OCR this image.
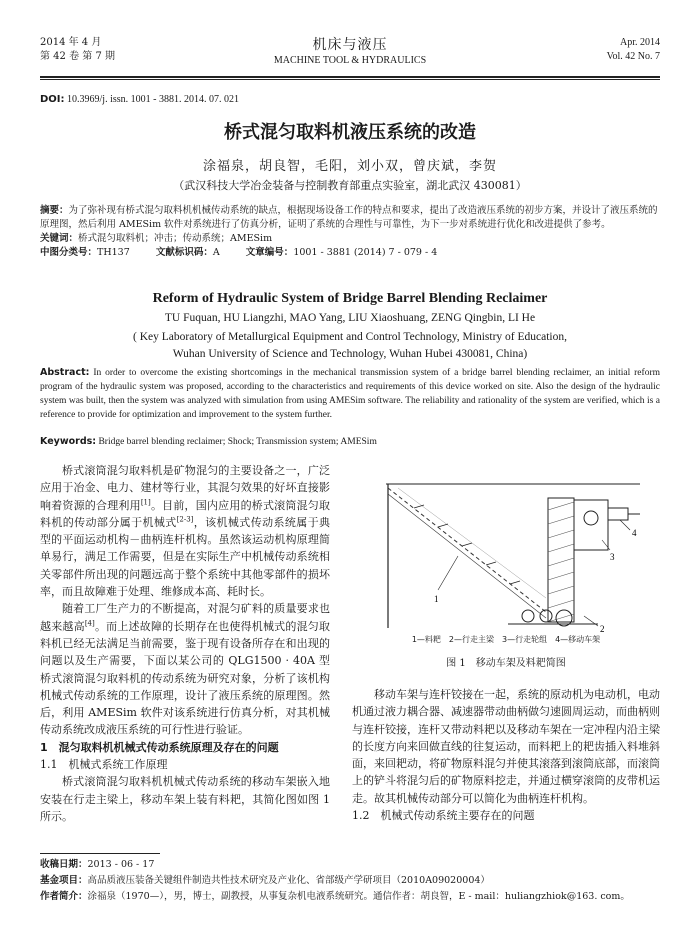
2014 年 4 月
第 42 卷 第 7 期
机床与液压
MACHINE TOOL & HYDRAULICS
Apr. 2014
Vol. 42 No. 7
DOI: 10.3969/j. issn. 1001 - 3881. 2014. 07. 021
桥式混匀取料机液压系统的改造
涂福泉，胡良智，毛阳，刘小双，曾庆斌，李贺
（武汉科技大学冶金装备与控制教育部重点实验室，湖北武汉 430081）
摘要：为了弥补现有桥式混匀取料机机械传动系统的缺点，根据现场设备工作的特点和要求，提出了改造液压系统的初步方案，并设计了液压系统的原理图，然后利用 AMESim 软件对系统进行了仿真分析，证明了系统的合理性与可靠性，为下一步对系统进行优化和改进提供了参考。
关键词：桥式混匀取料机；冲击；传动系统；AMESim
中图分类号：TH137	文献标识码：A	文章编号：1001 - 3881 (2014) 7 - 079 - 4
Reform of Hydraulic System of Bridge Barrel Blending Reclaimer
TU Fuquan, HU Liangzhi, MAO Yang, LIU Xiaoshuang, ZENG Qingbin, LI He
( Key Laboratory of Metallurgical Equipment and Control Technology, Ministry of Education,
Wuhan University of Science and Technology, Wuhan Hubei 430081, China)
Abstract: In order to overcome the existing shortcomings in the mechanical transmission system of a bridge barrel blending reclaimer, an initial reform program of the hydraulic system was proposed, according to the characteristics and requirements of this device worked on site. Also the design of the hydraulic system was built, then the system was analyzed with simulation from using AMESim software. The reliability and rationality of the system are verified, which is a reference to provide for optimization and improvement to the system further.
Keywords: Bridge barrel blending reclaimer; Shock; Transmission system; AMESim

桥式滚筒混匀取料机是矿物混匀的主要设备之一，广泛应用于冶金、电力、建材等行业，其混匀效果的好坏直接影响着资源的合理利用[1]。目前，国内应用的桥式滚筒混匀取料机的传动部分属于机械式[2-3]，该机械式传动系统属于典型的平面运动机构－曲柄连杆机构。虽然该运动机构原理简单易行，满足工作需要，但是在实际生产中机械传动系统相关零部件所出现的问题远高于整个系统中其他零部件的损坏率，而且故障难于处理、维修成本高、耗时长。

随着工厂生产力的不断提高，对混匀矿料的质量要求也越来越高[4]。而上述故障的长期存在也使得机械式的混匀取料机已经无法满足当前需要，鉴于现有设备所存在和出现的问题以及生产需要，下面以某公司的 QLG1500 · 40A 型桥式滚筒混匀取料机的传动系统为研究对象，分析了该机构机械式传动系统的工作原理，设计了液压系统的原理图。然后，利用 AMESim 软件对该系统进行仿真分析，对其机械传动系统改成液压系统的可行性进行验证。

1　混匀取料机机械式传动系统原理及存在的问题
1.1　机械式系统工作原理

桥式滚筒混匀取料机机械式传动系统的移动车架嵌入地安装在行走主梁上，移动车架上装有料耙，其简化图如图 1 所示。

1
2
3
4
1—料耙　2—行走主梁　3—行走轮组　4—移动车架
图 1　移动车架及料耙简图

移动车架与连杆铰接在一起，系统的原动机为电动机，电动机通过液力耦合器、减速器带动曲柄做匀速圆周运动，而曲柄则与连杆铰接，连杆又带动料耙以及移动车架在一定冲程内沿主梁的长度方向来回做直线的往复运动，而料耙上的耙齿插入料堆斜面，来回耙动，将矿物原料混匀并使其滚落到滚筒底部，而滚筒上的铲斗将混匀后的矿物原料挖走，并通过横穿滚筒的皮带机运走。故其机械传动部分可以简化为曲柄连杆机构。

1.2　机械式传动系统主要存在的问题
收稿日期：2013 - 06 - 17
基金项目：高品质液压装备关键组件制造共性技术研究及产业化、省部级产学研项目（2010A09020004）
作者简介：涂福泉（1970—），男，博士，副教授，从事复杂机电液系统研究。通信作者：胡良智，E - mail：huliangzhiok@163. com。
